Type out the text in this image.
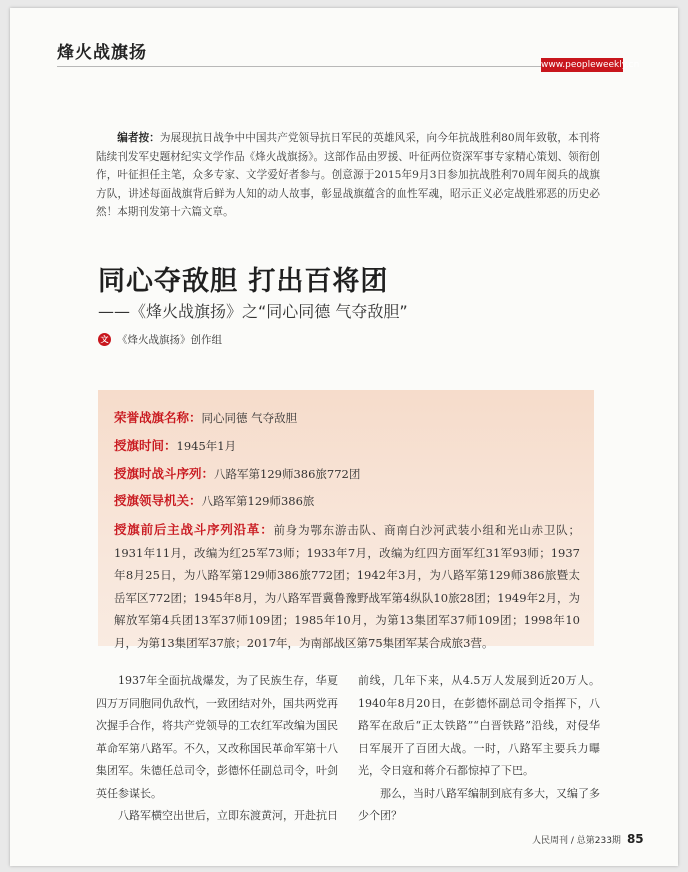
烽火战旗扬
www.peopleweekly.cn
编者按：为展现抗日战争中中国共产党领导抗日军民的英雄风采，向今年抗战胜利80周年致敬，本刊将陆续刊发军史题材纪实文学作品《烽火战旗扬》。这部作品由罗援、叶征两位资深军事专家精心策划、领衔创作，叶征担任主笔，众多专家、文学爱好者参与。创意源于2015年9月3日参加抗战胜利70周年阅兵的战旗方队，讲述每面战旗背后鲜为人知的动人故事，彰显战旗蕴含的血性军魂，昭示正义必定战胜邪恶的历史必然！本期刊发第十六篇文章。
同心夺敌胆 打出百将团
——《烽火战旗扬》之“同心同德 气夺敌胆”
文 《烽火战旗扬》创作组
荣誉战旗名称：同心同德 气夺敌胆
授旗时间：1945年1月
授旗时战斗序列：八路军第129师386旅772团
授旗领导机关：八路军第129师386旅
授旗前后主战斗序列沿革：前身为鄂东游击队、商南白沙河武装小组和光山赤卫队；1931年11月，改编为红25军73师；1933年7月，改编为红四方面军红31军93师；1937年8月25日，为八路军第129师386旅772团；1942年3月，为八路军第129师386旅暨太岳军区772团；1945年8月，为八路军晋冀鲁豫野战军第4纵队10旅28团；1949年2月，为解放军第4兵团13军37师109团；1985年10月，为第13集团军37师109团；1998年10月，为第13集团军37旅；2017年，为南部战区第75集团军某合成旅3营。

1937年全面抗战爆发，为了民族生存，华夏四万万同胞同仇敌忾，一致团结对外，国共两党再次握手合作，将共产党领导的工农红军改编为国民革命军第八路军。不久，又改称国民革命军第十八集团军。朱德任总司令，彭德怀任副总司令，叶剑英任参谋长。

八路军横空出世后，立即东渡黄河，开赴抗日

前线，几年下来，从4.5万人发展到近20万人。1940年8月20日，在彭德怀副总司令指挥下，八路军在敌后“正太铁路”“白晋铁路”沿线，对侵华日军展开了百团大战。一时，八路军主要兵力曝光，令日寇和蒋介石都惊掉了下巴。

那么，当时八路军编制到底有多大，又编了多少个团？

人民周刊 / 总第233期 85
